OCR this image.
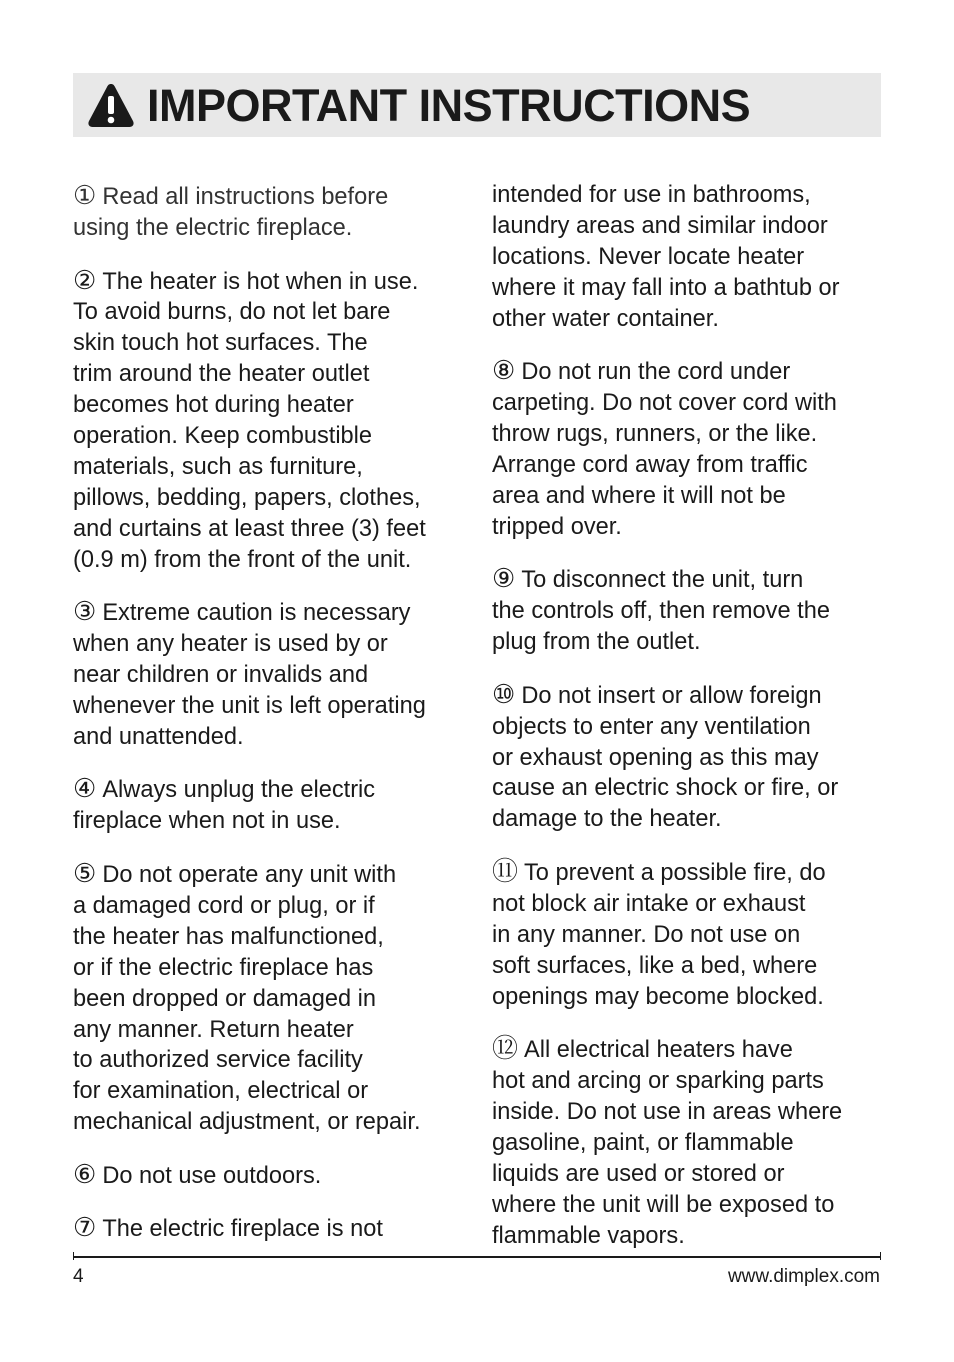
IMPORTANT INSTRUCTIONS
① Read all instructions before
using the electric fireplace.
② The heater is hot when in use.
To avoid burns, do not let bare
skin touch hot surfaces. The
trim around the heater outlet
becomes hot during heater
operation. Keep combustible
materials, such as furniture,
pillows, bedding, papers, clothes,
and curtains at least three (3) feet
(0.9 m) from the front of the unit.
③ Extreme caution is necessary
when any heater is used by or
near children or invalids and
whenever the unit is left operating
and unattended.
④ Always unplug the electric
fireplace when not in use.
⑤ Do not operate any unit with
a damaged cord or plug, or if
the heater has malfunctioned,
or if the electric fireplace has
been dropped or damaged in
any manner. Return heater
to authorized service facility
for examination, electrical or
mechanical adjustment, or repair.
⑥ Do not use outdoors.
⑦ The electric fireplace is not
intended for use in bathrooms,
laundry areas and similar indoor
locations. Never locate heater
where it may fall into a bathtub or
other water container.
⑧ Do not run the cord under
carpeting. Do not cover cord with
throw rugs, runners, or the like.
Arrange cord away from traffic
area and where it will not be
tripped over.
⑨ To disconnect the unit, turn
the controls off, then remove the
plug from the outlet.
⑩ Do not insert or allow foreign
objects to enter any ventilation
or exhaust opening as this may
cause an electric shock or fire, or
damage to the heater.
⑪ To prevent a possible fire, do
not block air intake or exhaust
in any manner. Do not use on
soft surfaces, like a bed, where
openings may become blocked.
⑫ All electrical heaters have
hot and arcing or sparking parts
inside. Do not use in areas where
gasoline, paint, or flammable
liquids are used or stored or
where the unit will be exposed to
flammable vapors.
4	www.dimplex.com
